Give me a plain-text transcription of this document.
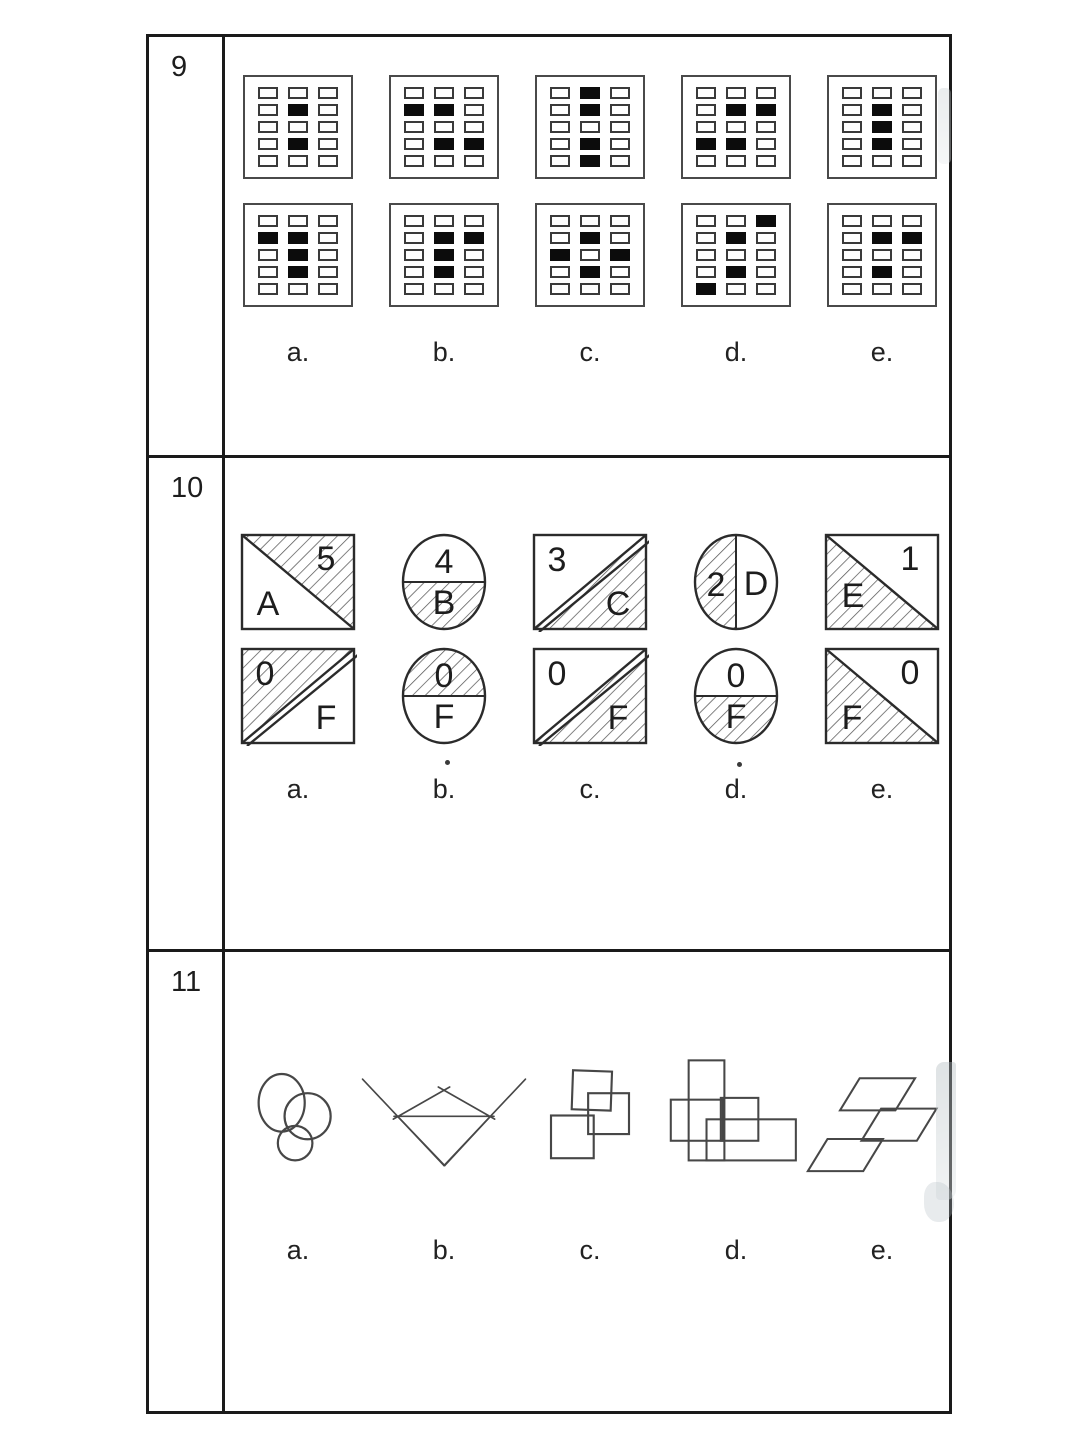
9
a.	b.	c.	d.	e.
10
5
A
4
B
3
C 2 D
1
E
0
F
0
F
0
F
0
F
0
F
a.	b.	c.	d.	e.
11
a.	b.	c.	d.	e.
